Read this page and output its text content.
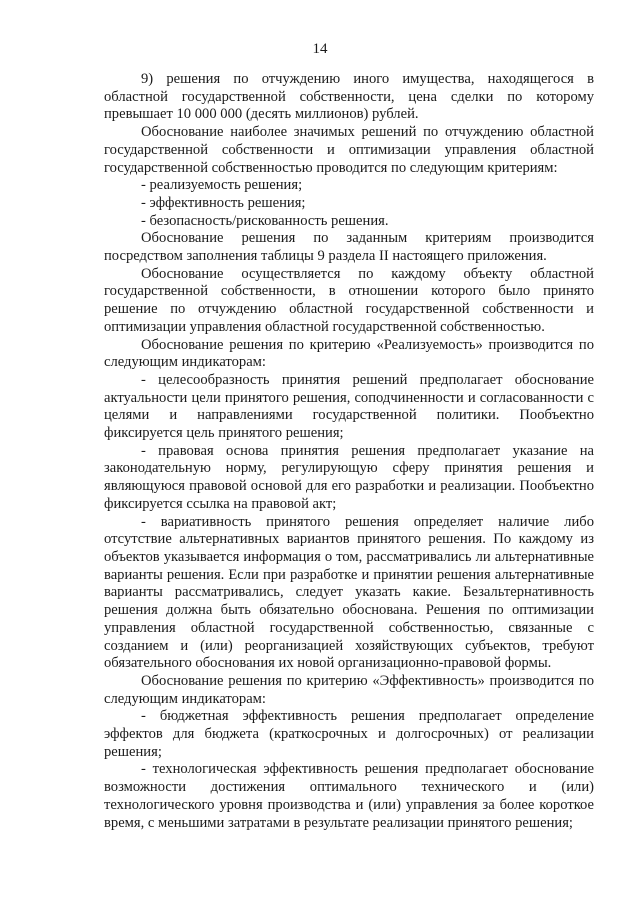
14

9) решения по отчуждению иного имущества, находящегося в областной государственной собственности, цена сделки по которому превышает 10 000 000 (десять миллионов) рублей.

Обоснование наиболее значимых решений по отчуждению областной государственной собственности и оптимизации управления областной государственной собственностью проводится по следующим критериям:

- реализуемость решения;

- эффективность решения;

- безопасность/рискованность решения.

Обоснование решения по заданным критериям производится посредством заполнения таблицы 9 раздела II настоящего приложения.

Обоснование осуществляется по каждому объекту областной государственной собственности, в отношении которого было принято решение по отчуждению областной государственной собственности и оптимизации управления областной государственной собственностью.

Обоснование решения по критерию «Реализуемость» производится по следующим индикаторам:

- целесообразность принятия решений предполагает обоснование актуальности цели принятого решения, соподчиненности и согласованности с целями и направлениями государственной политики. Пообъектно фиксируется цель принятого решения;

- правовая основа принятия решения предполагает указание на законодательную норму, регулирующую сферу принятия решения и являющуюся правовой основой для его разработки и реализации. Пообъектно фиксируется ссылка на правовой акт;

- вариативность принятого решения определяет наличие либо отсутствие альтернативных вариантов принятого решения. По каждому из объектов указывается информация о том, рассматривались ли альтернативные варианты решения. Если при разработке и принятии решения альтернативные варианты рассматривались, следует указать какие. Безальтернативность решения должна быть обязательно обоснована. Решения по оптимизации управления областной государственной собственностью, связанные с созданием и (или) реорганизацией хозяйствующих субъектов, требуют обязательного обоснования их новой организационно-правовой формы.

Обоснование решения по критерию «Эффективность» производится по следующим индикаторам:

- бюджетная эффективность решения предполагает определение эффектов для бюджета (краткосрочных и долгосрочных) от реализации решения;

- технологическая эффективность решения предполагает обоснование возможности достижения оптимального технического и (или) технологического уровня производства и (или) управления за более короткое время, с меньшими затратами в результате реализации принятого решения;
